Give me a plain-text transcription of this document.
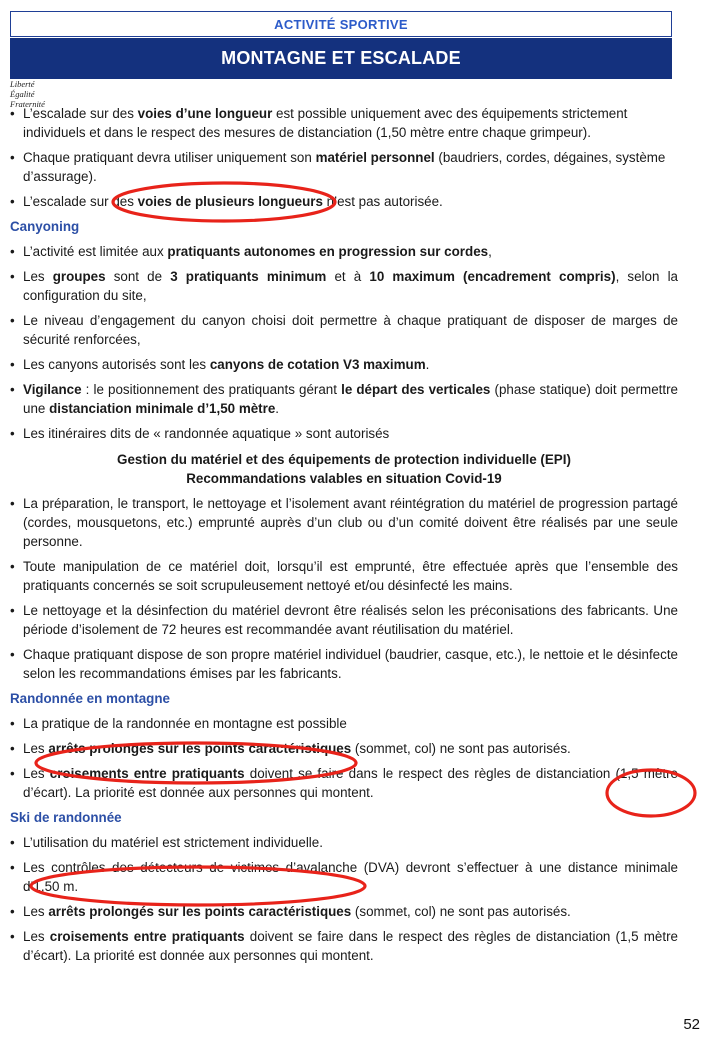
ACTIVITÉ SPORTIVE
MONTAGNE ET ESCALADE
Liberté
Égalité
Fraternité

• L’escalade sur des voies d’une longueur est possible uniquement avec des équipements strictement individuels et dans le respect des mesures de distanciation (1,50 mètre entre chaque grimpeur).

• Chaque pratiquant devra utiliser uniquement son matériel personnel (baudriers, cordes, dégaines, système d’assurage).

• L’escalade sur des voies de plusieurs longueurs n’est pas autorisée.

Canyoning

• L’activité est limitée aux pratiquants autonomes en progression sur cordes,

• Les groupes sont de 3 pratiquants minimum et à 10 maximum (encadrement compris), selon la configuration du site,

• Le niveau d’engagement du canyon choisi doit permettre à chaque pratiquant de disposer de marges de sécurité renforcées,

• Les canyons autorisés sont les canyons de cotation V3 maximum.

• Vigilance : le positionnement des pratiquants gérant le départ des verticales (phase statique) doit permettre une distanciation minimale d’1,50 mètre.

• Les itinéraires dits de « randonnée aquatique » sont autorisés

Gestion du matériel et des équipements de protection individuelle (EPI)
Recommandations valables en situation Covid-19

• La préparation, le transport, le nettoyage et l’isolement avant réintégration du matériel de progression partagé (cordes, mousquetons, etc.) emprunté auprès d’un club ou d’un comité doivent être réalisés par une seule personne.

• Toute manipulation de ce matériel doit, lorsqu’il est emprunté, être effectuée après que l’ensemble des pratiquants concernés se soit scrupuleusement nettoyé et/ou désinfecté les mains.

• Le nettoyage et la désinfection du matériel devront être réalisés selon les préconisations des fabricants. Une période d’isolement de 72 heures est recommandée avant réutilisation du matériel.

• Chaque pratiquant dispose de son propre matériel individuel (baudrier, casque, etc.), le nettoie et le désinfecte selon les recommandations émises par les fabricants.

Randonnée en montagne

• La pratique de la randonnée en montagne est possible

• Les arrêts prolongés sur les points caractéristiques (sommet, col) ne sont pas autorisés.

• Les croisements entre pratiquants doivent se faire dans le respect des règles de distanciation (1,5 mètre d’écart). La priorité est donnée aux personnes qui montent.

Ski de randonnée

• L’utilisation du matériel est strictement individuelle.

• Les contrôles des détecteurs de victimes d’avalanche (DVA) devront s’effectuer à une distance minimale d’1,50 m.

• Les arrêts prolongés sur les points caractéristiques (sommet, col) ne sont pas autorisés.

• Les croisements entre pratiquants doivent se faire dans le respect des règles de distanciation (1,5 mètre d’écart). La priorité est donnée aux personnes qui montent.

52
